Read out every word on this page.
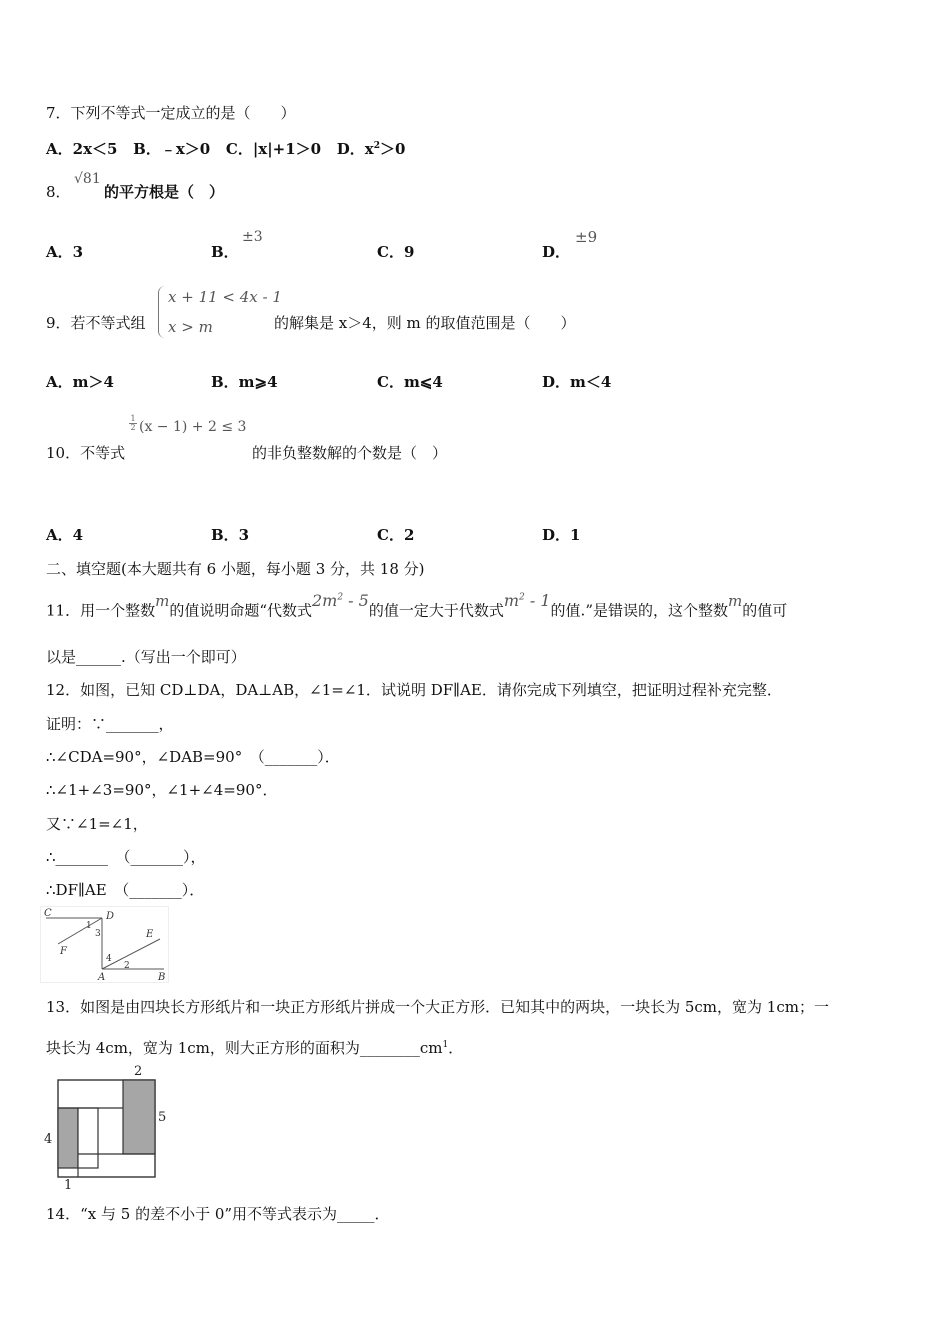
7．下列不等式一定成立的是（　　）
A．2x＜5 B．﹣x＞0 C．|x|+1＞0 D．$x^2>0$
8．
√81
的平方根是（　）
A．3	B．
±3
C．9	D．
±9
9．若不等式组
x + 11 < 4x - 1
x > m	的解集是 x＞4，则 m 的取值范围是（　　）
A．m＞4	B．m⩾4	C．m⩽4	D．m＜4
10．不等式
1
2 (x − 1) + 2 ≤ 3
的非负整数解的个数是（　）
A．4	B．3	C．2	D．1
二、填空题(本大题共有 6 小题，每小题 3 分，共 18 分)
11．用一个整数m的值说明命题“代数式$2m^2 - 5$的值一定大于代数式$m^2 - 1$的值.”是错误的，这个整数m的值可
以是______.（写出一个即可）
12．如图，已知 CD⊥DA，DA⊥AB，∠1=∠1．试说明 DF∥AE．请你完成下列填空，把证明过程补充完整．
证明：∵_______，
∴∠CDA=90°，∠DAB=90°　（_______）．
∴∠1+∠3=90°，∠1+∠4=90°．
又∵∠1=∠1，
∴_______　（_______），
∴DF∥AE　（_______）．
C	D
E
F
A	B
1
3
4
2
13．如图是由四块长方形纸片和一块正方形纸片拼成一个大正方形．已知其中的两块，一块长为 5cm，宽为 1cm；一
块长为 4cm，宽为 1cm，则大正方形的面积为$\_\_\_\_\_\_\_\_cm^1$．
2
5
4
1
14．“x 与 5 的差不小于 0”用不等式表示为_____．
